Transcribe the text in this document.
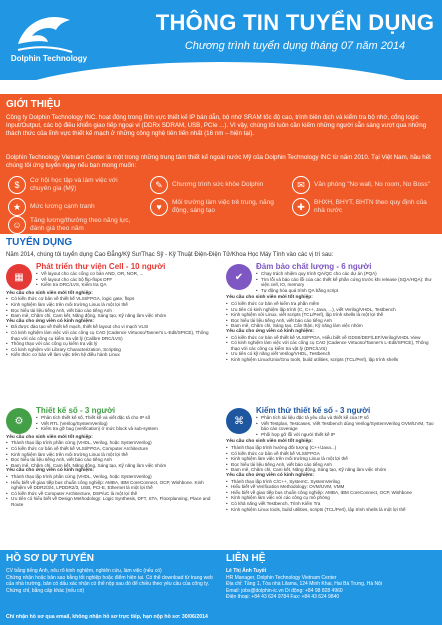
Dolphin Technology
THÔNG TIN TUYỂN DỤNG
Chương trình tuyển dụng tháng 07 năm 2014
GIỚI THIỆU

Công ty Dolphin Technology INC. hoạt động trong lĩnh vực thiết kế IP bán dẫn, bộ nhớ SRAM tốc độ cao, trình biên dịch và kiểm tra bộ nhớ, cổng logic Input/Output, các bộ điều khiển giao tiếp ngoại vi (DDRx SDRAM, USB, PCIe ...). Vì vậy, chúng tôi luôn cần kiếm những người sẵn sàng vượt qua những thách thức của lĩnh vực thiết kế mạch ở những công nghệ tiên tiến nhất (16 nm – hiện tại).

Dolphin Technology Vietnam Center là một trong những trung tâm thiết kế ngoài nước Mỹ của Dolphin Technology INC từ năm 2010. Tại Việt Nam, hầu hết chúng tôi ứng tuyển ngay nếu bạn mong muốn:

$	Cơ hội học tập và làm việc với chuyên gia (Mỹ)	✎	Chương trình sức khỏe Dolphin	✉	Văn phòng "No wall, No room, No Boss"
★	Mức lương cạnh tranh	♥	Môi trường làm việc trẻ trung, năng động, sáng tạo	✚	BHXH, BHYT, BHTN theo quy định của nhà nước
☺	Tăng lương/thưởng theo năng lực, đánh giá theo năm
TUYỂN DỤNG
Năm 2014, chúng tôi tuyển dụng Cao Đẳng/Kỹ Sư/Thạc Sỹ - Kỹ Thuật Điện-Điện Tử/Khoa Học Máy Tính vào các vị trí sau:
▦
Phát triển thư viện Cell - 10 người
• Về layout cho các cổng cơ bản AND, OR, NOR, ...
• Về layout cho các bộ flip-flops DFF
• Kiểm tra DRC/LVS, Kiểm tra QA
Yêu cầu cho sinh viên mới tốt nghiệp:
• Có kiến thức cơ bản về thiết kế VLSI/FPGA, logic gate, flops
• Kinh nghiệm làm việc trên môi trường Linux là một lợi thế
• Đọc hiểu tài liệu tiếng Anh, viết báo cáo tiếng Anh
• Đam mê, Chăm chỉ, Cam kết, Năng động, Sáng tạo, Kỹ năng làm việc nhóm
Yêu cầu cho ứng viên có kinh nghiệm:
• Đã được đào tạo về thiết kế mạch, thiết kế layout cho vi mạch VLSI
• Có kinh nghiệm làm việc với các công cụ CAD (Cadence Virtuoso/Tanner's L-Edit/SPICE), Thông thạo với các công cụ kiểm tra vật lý (Calibre DRC/LVS)
• Thông thạo với các công cụ kiểm tra vật lý
• Có kinh nghiệm với Library Characterization, Scripting
• Kiến thức cơ bản về làm việc trên hệ điều hành Linux
✔
Đảm bảo chất lượng - 6 người
• Chạy trách nhiệm quy trình QA/QC cho các dự án (PQA)
• Tìm lỗi và báo cáo lỗi của các thiết kế phần cứng trước khi release (SQA/HQA): thư viện cell, IO, memory
• Tự động hóa quá trình QA bằng script
Yêu cầu cho sinh viên mới tốt nghiệp:
• Có kiến thức cơ bản về kiểm tra phần mềm
• Ưu tiên có kinh nghiệm lập trình (C, C++, Java, ...), viết Verilog/VHDL, Testbench
• Kinh nghiệm với Linux, viết scripts (TCL/Perl), lập trình shells là một lợi thế
• Đọc hiểu tài liệu tiếng Anh, viết báo cáo tiếng Anh
• Đam mê, Chăm chỉ, Sáng tạo, Cẩn thận, Kỹ năng làm việc nhóm
Yêu cầu cho ứng viên có kinh nghiệm:
• Có kiến thức cơ bản về thiết kế VLSI/FPGA, Hiểu biết về GDSII/DEF/LEF/Verilog/VHDL View
• Có kinh nghiệm làm việc với các công cụ CAD (Cadence Virtuoso/Tanner's L-Edit/SPICE), Thông thạo với các công cụ kiểm tra vật lý (DRC/LVS)
• Ưu tiên có kỹ năng viết Verilog/VHDL, Testbench
• Kinh nghiệm Linux/Unix/Gnu tools, build utilities, scripts (TCL/Perl), lập trình shells
⚙
Thiết kế số - 3 người
• Phân tích thiết kế số, Thiết kế và viết đặc tả cho IP số
• Viết RTL (Verilog/SystemVerilog)
• Kiểm tra gỡ bug (verification) ở mức block và sub-system
Yêu cầu cho sinh viên mới tốt nghiệp:
• Thành thạo lập trình phần cứng (VHDL, Verilog, hoặc SystemVerilog)
• Có kiến thức cơ bản về thiết kế VLSI/FPGA, Computer Architecture
• Kinh nghiệm làm việc trên môi trường Linux là một lợi thế
• Đọc hiểu tài liệu tiếng Anh, viết báo cáo tiếng Anh
• Đam mê, Chăm chỉ, Cam kết, Năng động, Sáng tạo, Kỹ năng làm việc nhóm
Yêu cầu cho ứng viên có kinh nghiệm:
• Thành thạo lập trình phần cứng (VHDL, Verilog, hoặc SystemVerilog)
• Hiểu biết về giao tiếp bus chuẩn công nghiệp: AMBA, IBM CoreConnect, OCP, Wishbone. Kinh nghiệm về DDR2/3/4, LPDDR2/3, USB, PCI-E, Ethernet là một lợi thế
• Có kiến thức về Computer Architecture, DSP/uC là một lợi thế
• Ưu tiên có hiểu biết về Design Methodology: Logic Synthesis, DFT, STA, Floorplanning, Place and Route
⌘
Kiểm thử thiết kế số - 3 người
• Phân tích tài liệu đặc tả yêu cầu và thiết kế của IP số
• Viết Testplan, Testcases, Viết Testbench dùng Verilog/SystemVerilog OVM/UVM, Tạo báo cáo coverage
• Phối hợp gỡ lỗi với người thiết kế IP
Yêu cầu cho sinh viên mới tốt nghiệp:
• Thành thạo lập trình hướng đối tượng (C++/Java...)
• Có kiến thức cơ bản về thiết kế VLSI/FPGA
• Kinh nghiệm làm việc trên môi trường Linux là một lợi thế
• Đọc hiểu tài liệu tiếng Anh, viết báo cáo tiếng Anh
• Đam mê, Chăm chỉ, Cam kết, Năng động, Sáng tạo, Kỹ năng làm việc nhóm
Yêu cầu cho ứng viên có kinh nghiệm:
• Thành thạo lập trình C/C++, SystemC, SystemVerilog
• Hiểu biết về Verification Methodology: OVM/UVM, VMM
• Hiểu biết về giao tiếp bus chuẩn công nghiệp: AMBA, IBM CoreConnect, OCP, Wishbone
• Kinh nghiệm làm việc với các công cụ mô phỏng
• Có khả năng viết Testbench, Trình Kiểm Tra
• Kinh nghiệm Linux tools, build utilities, scripts (TCL/Perl), lập trình shells là một lợi thế
HỒ SƠ DỰ TUYỂN
CV bằng tiếng Anh, nêu rõ kinh nghiệm, nghiên cứu, làm việc (nếu có)
Chứng nhận hoặc bản sao bằng tốt nghiệp hoặc điểm hiện tại. Có thể download từ trang web của nhà trường, bản có dấu xác nhận có thể nộp sau đó để chiều theo yêu cầu của công ty.
Chứng chỉ, bằng cấp khác (nếu có)
LIÊN HỆ
Lê Thị Ánh Tuyết
HR Manager, Dolphin Technology Vietnam Center
Địa chỉ: Tầng 1, Tòa nhà Lilama, 124 Minh Khai, Hai Bà Trưng, Hà Nội
Email: jobs@dolphin-ic.vn Di động: +84 98 828 4960
Điện thoại: +84 43 624 9784 Fax: +84 43 624 9840
Chỉ nhận hồ sơ qua email, không nhận hồ sơ trực tiếp, hạn nộp hồ sơ: 30/06/2014
